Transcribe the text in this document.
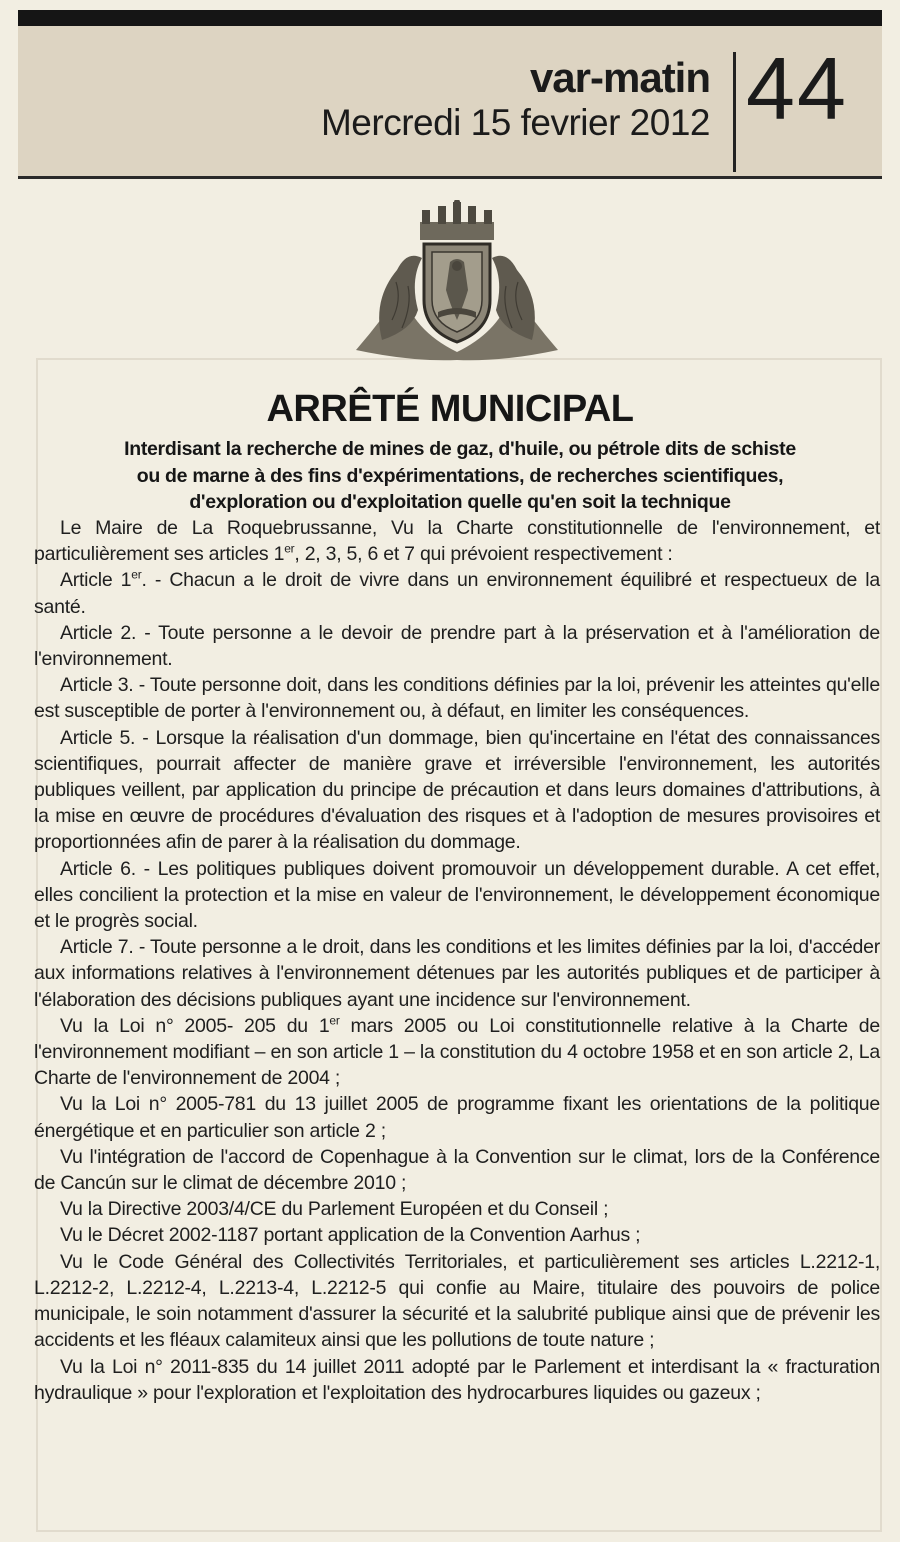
var-matin
Mercredi 15 fevrier 2012 44
ARRÊTÉ MUNICIPAL
Interdisant la recherche de mines de gaz, d'huile, ou pétrole dits de schiste
ou de marne à des fins d'expérimentations, de recherches scientifiques,
d'exploration ou d'exploitation quelle qu'en soit la technique

Le Maire de La Roquebrussanne, Vu la Charte constitutionnelle de l'environnement, et particulièrement ses articles 1er, 2, 3, 5, 6 et 7 qui prévoient respectivement :

Article 1er. - Chacun a le droit de vivre dans un environnement équilibré et respectueux de la santé.

Article 2. - Toute personne a le devoir de prendre part à la préservation et à l'amélioration de l'environnement.

Article 3. - Toute personne doit, dans les conditions définies par la loi, prévenir les atteintes qu'elle est susceptible de porter à l'environnement ou, à défaut, en limiter les conséquences.

Article 5. - Lorsque la réalisation d'un dommage, bien qu'incertaine en l'état des connaissances scientifiques, pourrait affecter de manière grave et irréversible l'environnement, les autorités publiques veillent, par application du principe de précaution et dans leurs domaines d'attributions, à la mise en œuvre de procédures d'évaluation des risques et à l'adoption de mesures provisoires et proportionnées afin de parer à la réalisation du dommage.

Article 6. - Les politiques publiques doivent promouvoir un développement durable. A cet effet, elles concilient la protection et la mise en valeur de l'environnement, le développement économique et le progrès social.

Article 7. - Toute personne a le droit, dans les conditions et les limites définies par la loi, d'accéder aux informations relatives à l'environnement détenues par les autorités publiques et de participer à l'élaboration des décisions publiques ayant une incidence sur l'environnement.

Vu la Loi n° 2005- 205 du 1er mars 2005 ou Loi constitutionnelle relative à la Charte de l'environnement modifiant – en son article 1 – la constitution du 4 octobre 1958 et en son article 2, La Charte de l'environnement de 2004 ;

Vu la Loi n° 2005-781 du 13 juillet 2005 de programme fixant les orientations de la politique énergétique et en particulier son article 2 ;

Vu l'intégration de l'accord de Copenhague à la Convention sur le climat, lors de la Conférence de Cancún sur le climat de décembre 2010 ;

Vu la Directive 2003/4/CE du Parlement Européen et du Conseil ;

Vu le Décret 2002-1187 portant application de la Convention Aarhus ;

Vu le Code Général des Collectivités Territoriales, et particulièrement ses articles L.2212-1, L.2212-2, L.2212-4, L.2213-4, L.2212-5 qui confie au Maire, titulaire des pouvoirs de police municipale, le soin notamment d'assurer la sécurité et la salubrité publique ainsi que de prévenir les accidents et les fléaux calamiteux ainsi que les pollutions de toute nature ;

Vu la Loi n° 2011-835 du 14 juillet 2011 adopté par le Parlement et interdisant la « fracturation hydraulique » pour l'exploration et l'exploitation des hydrocarbures liquides ou gazeux ;
